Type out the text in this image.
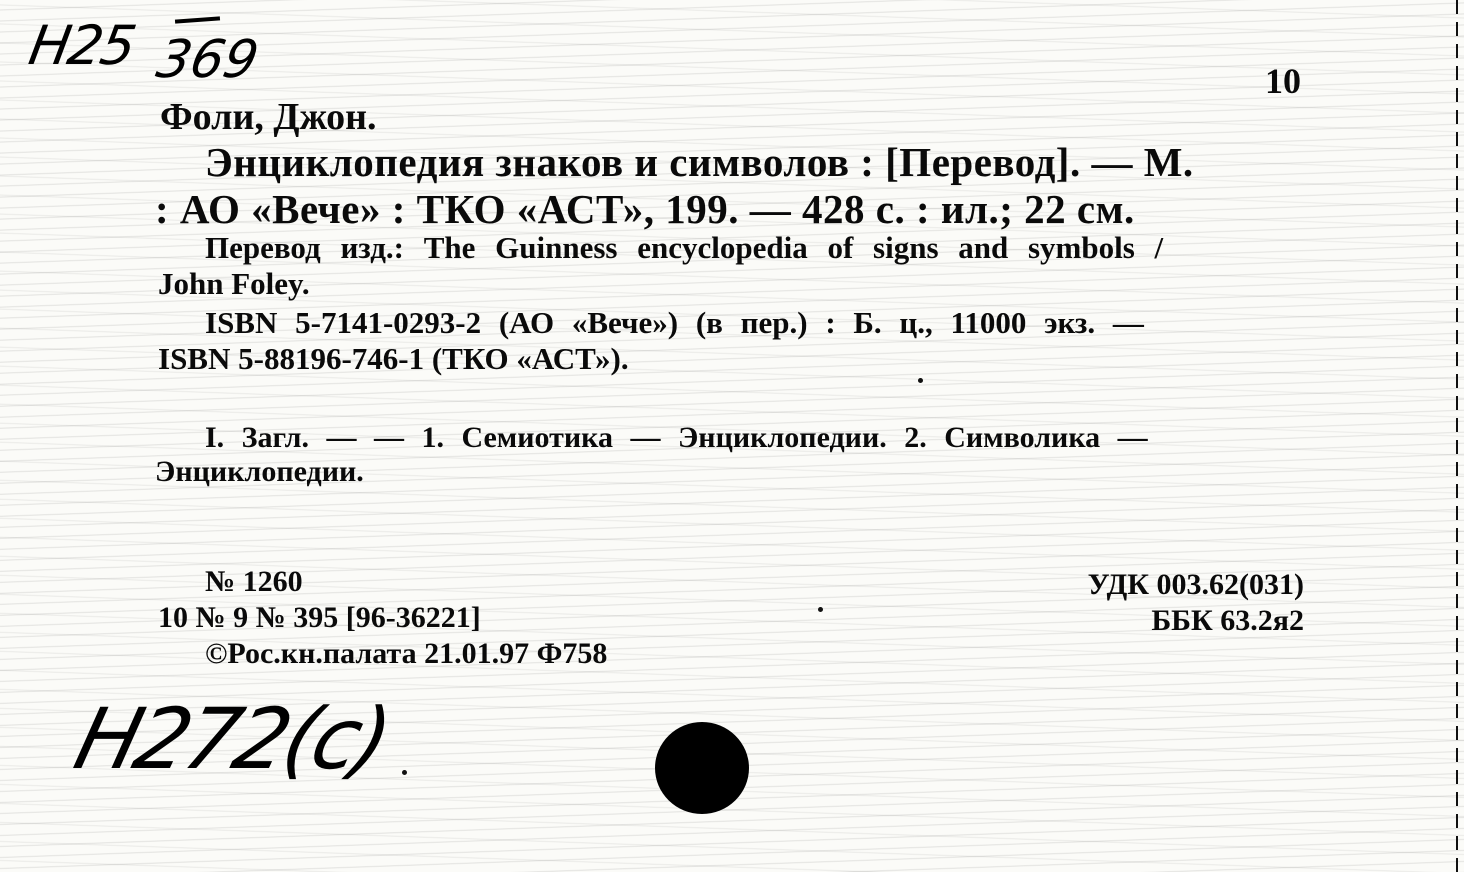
H25 369	10
Фоли, Джон.
Энциклопедия знаков и символов : [Перевод]. — М.
: АО «Вече» : ТКО «АСТ», 199. — 428 с. : ил.; 22 см.
Перевод изд.: The Guinness encyclopedia of signs and symbols /
John Foley.
ISBN 5-7141-0293-2 (АО «Вече») (в пер.) : Б. ц., 11000 экз. —
ISBN 5-88196-746-1 (ТКО «АСТ»).
I. Загл. — — 1. Семиотика — Энциклопедии. 2. Символика —
Энциклопедии.
№ 1260
10 № 9 № 395 [96-36221]
©Рос.кн.палата 21.01.97 Ф758
УДК 003.62(031)
ББК 63.2я2
H272(c)
